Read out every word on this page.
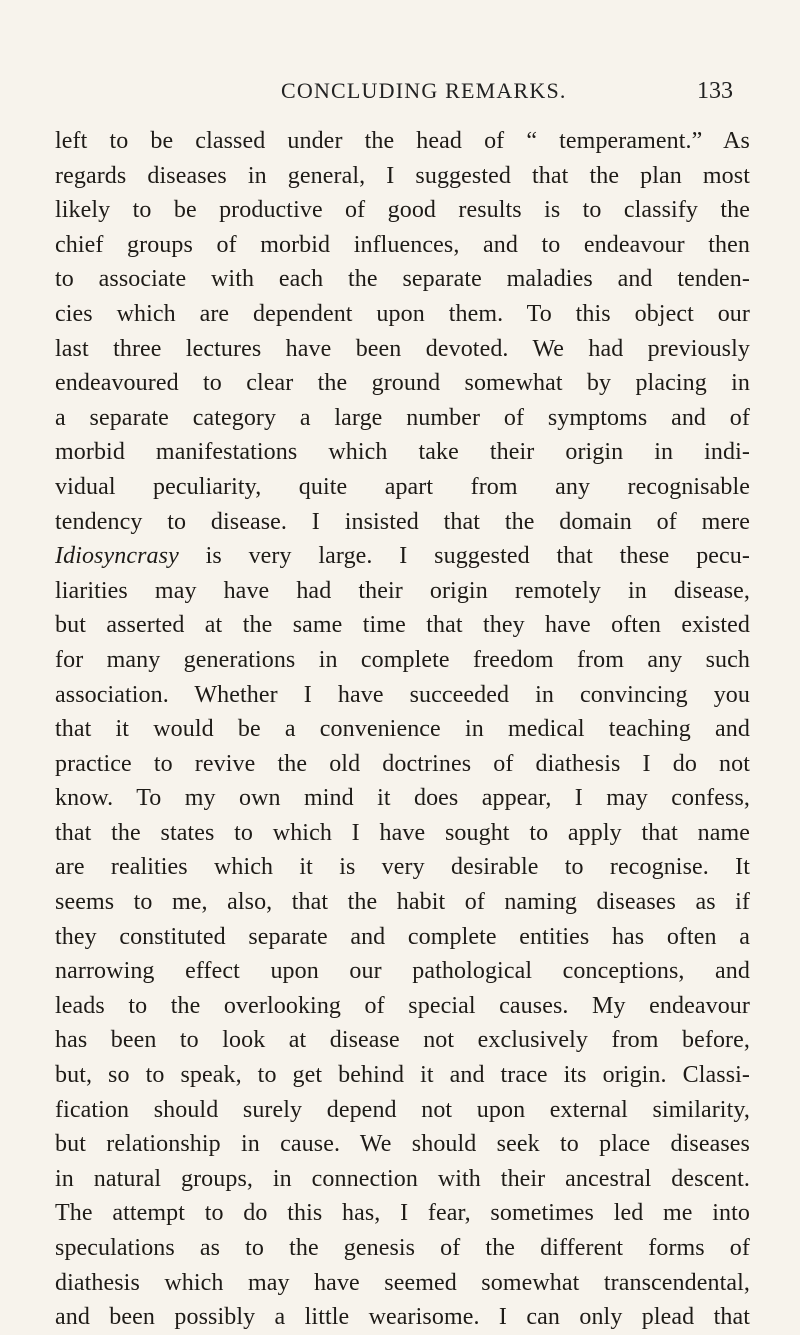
CONCLUDING REMARKS.	133
left to be classed under the head of “ temperament.” As
regards diseases in general, I suggested that the plan most
likely to be productive of good results is to classify the
chief groups of morbid influences, and to endeavour then
to associate with each the separate maladies and tenden-
cies which are dependent upon them. To this object our
last three lectures have been devoted. We had previously
endeavoured to clear the ground somewhat by placing in
a separate category a large number of symptoms and of
morbid manifestations which take their origin in indi-
vidual peculiarity, quite apart from any recognisable
tendency to disease. I insisted that the domain of mere
Idiosyncrasy is very large. I suggested that these pecu-
liarities may have had their origin remotely in disease,
but asserted at the same time that they have often existed
for many generations in complete freedom from any such
association. Whether I have succeeded in convincing you
that it would be a convenience in medical teaching and
practice to revive the old doctrines of diathesis I do not
know. To my own mind it does appear, I may confess,
that the states to which I have sought to apply that name
are realities which it is very desirable to recognise. It
seems to me, also, that the habit of naming diseases as if
they constituted separate and complete entities has often a
narrowing effect upon our pathological conceptions, and
leads to the overlooking of special causes. My endeavour
has been to look at disease not exclusively from before,
but, so to speak, to get behind it and trace its origin. Classi-
fication should surely depend not upon external similarity,
but relationship in cause. We should seek to place diseases
in natural groups, in connection with their ancestral descent.
The attempt to do this has, I fear, sometimes led me into
speculations as to the genesis of the different forms of
diathesis which may have seemed somewhat transcendental,
and been possibly a little wearisome. I can only plead that
